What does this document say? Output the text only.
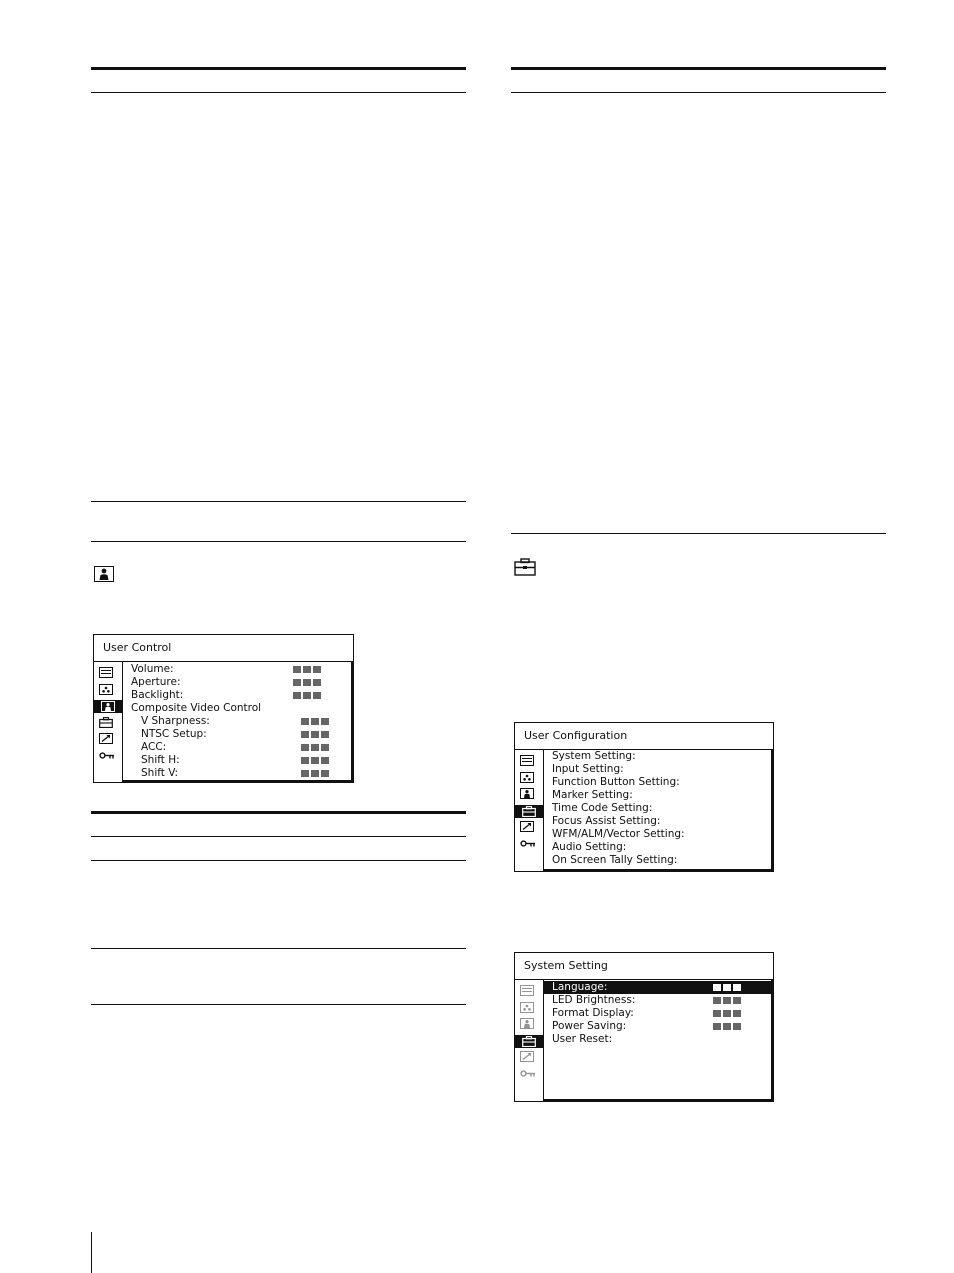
User Control
Volume:
Aperture:
Backlight:
Composite Video Control
V Sharpness:
NTSC Setup:
ACC:
Shift H:
Shift V:
User Configuration
System Setting:
Input Setting:
Function Button Setting:
Marker Setting:
Time Code Setting:
Focus Assist Setting:
WFM/ALM/Vector Setting:
Audio Setting:
On Screen Tally Setting:
System Setting
Language:
LED Brightness:
Format Display:
Power Saving:
User Reset:
